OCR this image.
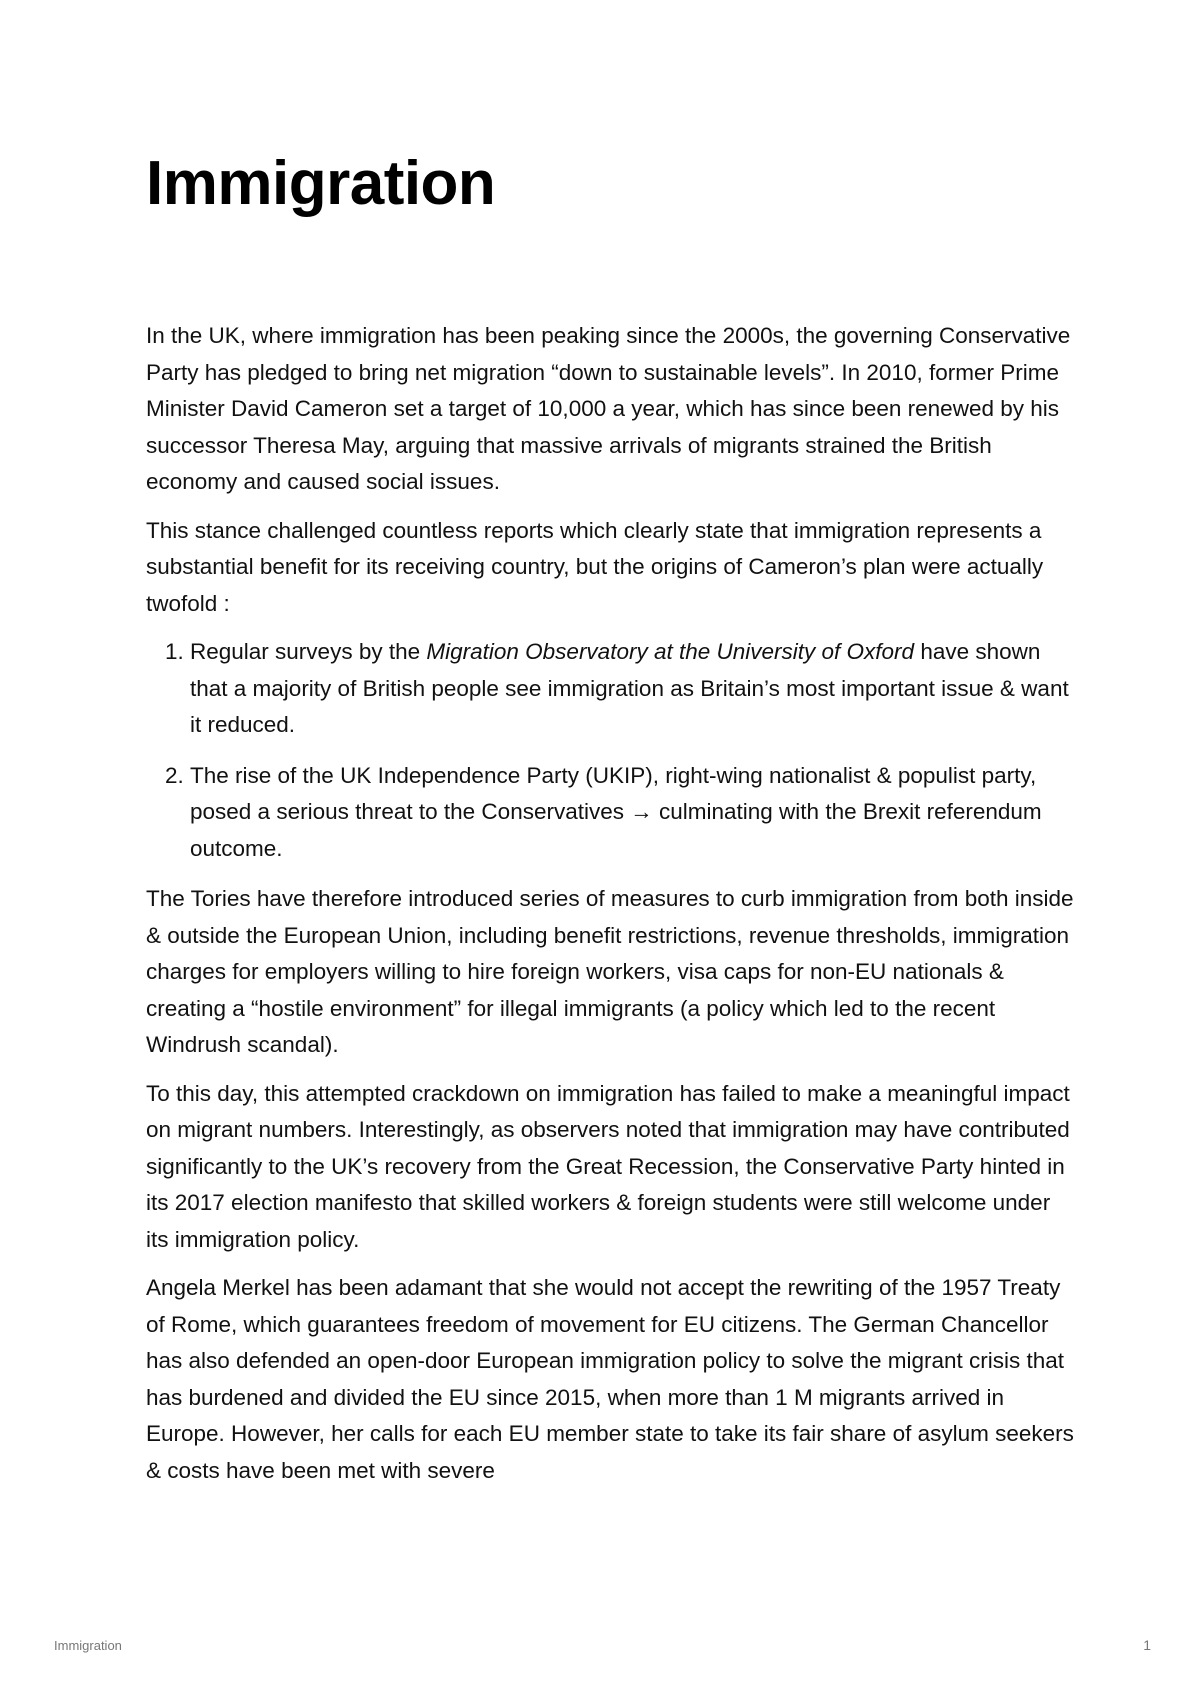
Immigration

In the UK, where immigration has been peaking since the 2000s, the governing Conservative Party has pledged to bring net migration “down to sustainable levels”. In 2010, former Prime Minister David Cameron set a target of 10,000 a year, which has since been renewed by his successor Theresa May, arguing that massive arrivals of migrants strained the British economy and caused social issues.

This stance challenged countless reports which clearly state that immigration represents a substantial benefit for its receiving country, but the origins of Cameron’s plan were actually twofold :

1. Regular surveys by the Migration Observatory at the University of Oxford have shown that a majority of British people see immigration as Britain’s most important issue & want it reduced.
2. The rise of the UK Independence Party (UKIP), right-wing nationalist & populist party, posed a serious threat to the Conservatives → culminating with the Brexit referendum outcome.

The Tories have therefore introduced series of measures to curb immigration from both inside & outside the European Union, including benefit restrictions, revenue thresholds, immigration charges for employers willing to hire foreign workers, visa caps for non-EU nationals & creating a “hostile environment” for illegal immigrants (a policy which led to the recent Windrush scandal).

To this day, this attempted crackdown on immigration has failed to make a meaningful impact on migrant numbers. Interestingly, as observers noted that immigration may have contributed significantly to the UK’s recovery from the Great Recession, the Conservative Party hinted in its 2017 election manifesto that skilled workers & foreign students were still welcome under its immigration policy.

Angela Merkel has been adamant that she would not accept the rewriting of the 1957 Treaty of Rome, which guarantees freedom of movement for EU citizens. The German Chancellor has also defended an open-door European immigration policy to solve the migrant crisis that has burdened and divided the EU since 2015, when more than 1 M migrants arrived in Europe. However, her calls for each EU member state to take its fair share of asylum seekers & costs have been met with severe

Immigration	1
